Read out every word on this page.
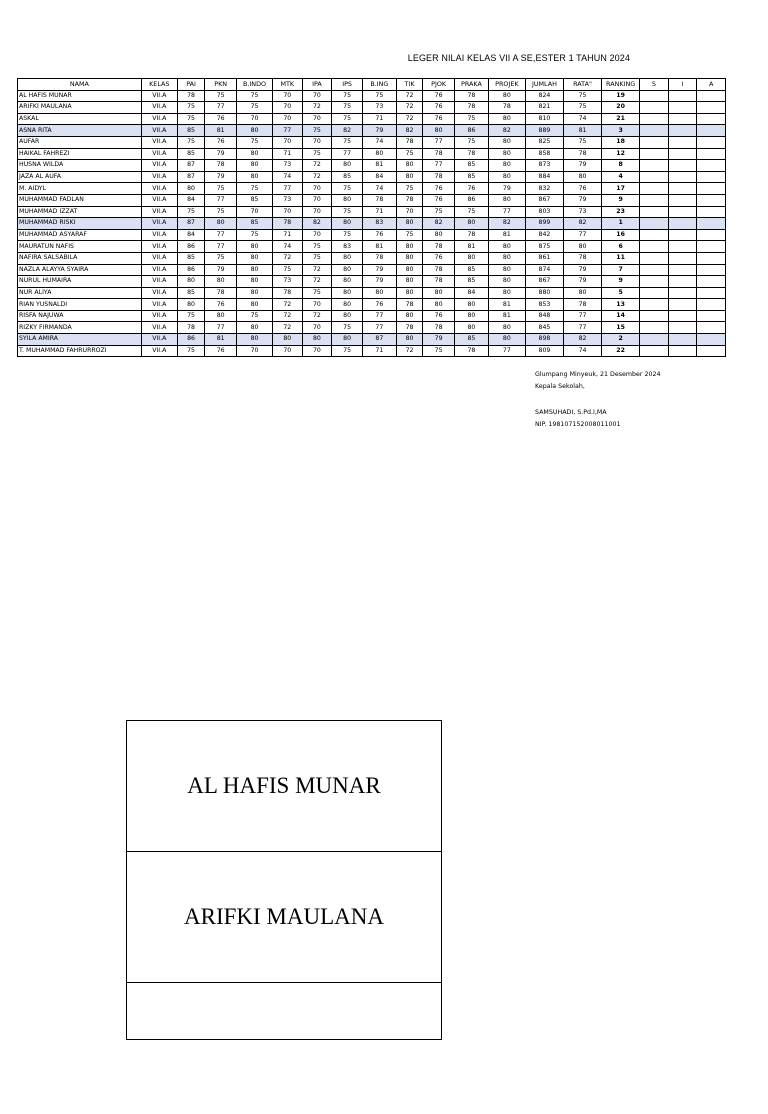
LEGER NILAI KELAS VII A SE,ESTER 1 TAHUN 2024
NAMA	KELAS	PAI	PKN	B.INDO	MTK	IPA	IPS	B.ING	TIK	PJOK	PRAKA	PROJEK	JUMLAH	RATA"	RANKING	S	I	A
AL HAFIS MUNAR	VII.A	78	75	75	70	70	75	75	72	76	78	80	824	75	19			
ARIFKI MAULANA	VII.A	75	77	75	70	72	75	73	72	76	78	78	821	75	20			
ASKAL	VII.A	75	76	70	70	70	75	71	72	76	75	80	810	74	21			
ASNA RITA	VII.A	85	81	80	77	75	82	79	82	80	86	82	889	81	3			
AUFAR	VII.A	75	76	75	70	70	75	74	78	77	75	80	825	75	18			
HAIKAL FAHREZI	VII.A	85	79	80	71	75	77	80	75	78	78	80	858	78	12			
HUSNA WILDA	VII.A	87	78	80	73	72	80	81	80	77	85	80	873	79	8			
JAZA AL AUFA	VII.A	87	79	80	74	72	85	84	80	78	85	80	884	80	4			
M. AIDYL	VII.A	80	75	75	77	70	75	74	75	76	76	79	832	76	17			
MUHAMMAD FADLAN	VII.A	84	77	85	73	70	80	78	78	76	86	80	867	79	9			
MUHAMMAD IZZAT	VII.A	75	75	70	70	70	75	71	70	75	75	77	803	73	23			
MUHAMMAD RISKI	VII.A	87	80	85	78	82	80	83	80	82	80	82	899	82	1			
MUHAMMAD ASYARAF	VII.A	84	77	75	71	70	75	76	75	80	78	81	842	77	16			
MAURATUN NAFIS	VII.A	86	77	80	74	75	83	81	80	78	81	80	875	80	6			
NAFIRA SALSABILA	VII.A	85	75	80	72	75	80	78	80	76	80	80	861	78	11			
NAZLA ALAYYA SYAIRA	VII.A	86	79	80	75	72	80	79	80	78	85	80	874	79	7			
NURUL HUMAIRA	VII.A	80	80	80	73	72	80	79	80	78	85	80	867	79	9			
NUR ALIYA	VII.A	85	78	80	78	75	80	80	80	80	84	80	880	80	5			
RIAN YUSNALDI	VII.A	80	76	80	72	70	80	76	78	80	80	81	853	78	13			
RISFA NAJUWA	VII.A	75	80	75	72	72	80	77	80	76	80	81	848	77	14			
RIZKY FIRMANDA	VII.A	78	77	80	72	70	75	77	78	78	80	80	845	77	15			
SYILA AMIRA	VII.A	86	81	80	80	80	80	87	80	79	85	80	898	82	2			
T. MUHAMMAD FAHRURROZI	VII.A	75	76	70	70	70	75	71	72	75	78	77	809	74	22			
Glumpang Minyeuk, 21 Desember 2024
Kepala Sekolah,
SAMSUHADI, S.Pd.I,MA
NIP. 198107152008011001
AL HAFIS MUNAR
ARIFKI MAULANA
